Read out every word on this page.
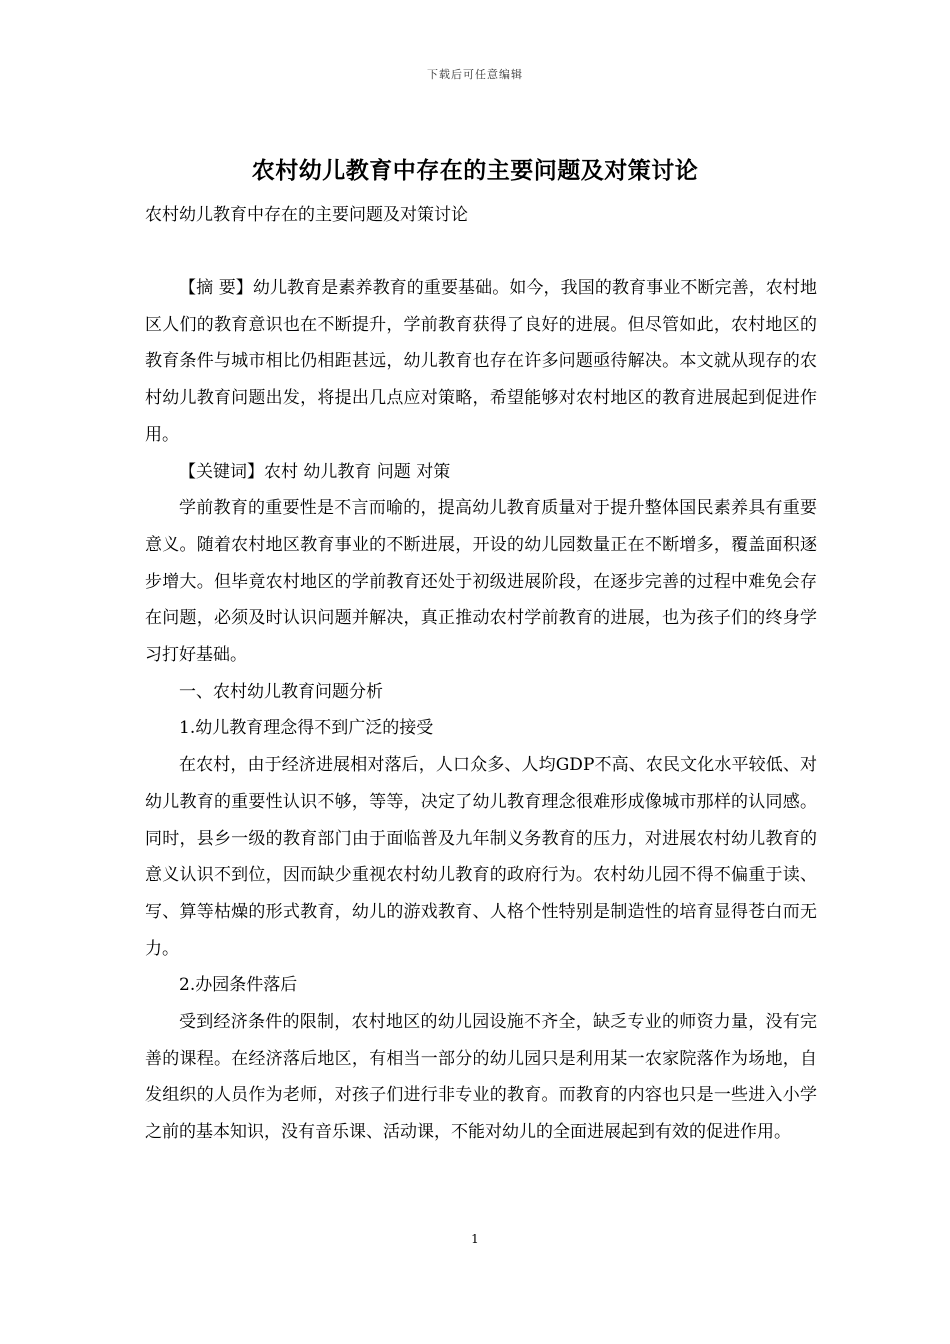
下载后可任意编辑
农村幼儿教育中存在的主要问题及对策讨论
农村幼儿教育中存在的主要问题及对策讨论

【摘 要】幼儿教育是素养教育的重要基础。如今，我国的教育事业不断完善，农村地区人们的教育意识也在不断提升，学前教育获得了良好的进展。但尽管如此，农村地区的教育条件与城市相比仍相距甚远，幼儿教育也存在许多问题亟待解决。本文就从现存的农村幼儿教育问题出发，将提出几点应对策略，希望能够对农村地区的教育进展起到促进作用。

【关键词】农村 幼儿教育 问题 对策

学前教育的重要性是不言而喻的，提高幼儿教育质量对于提升整体国民素养具有重要意义。随着农村地区教育事业的不断进展，开设的幼儿园数量正在不断增多，覆盖面积逐步增大。但毕竟农村地区的学前教育还处于初级进展阶段，在逐步完善的过程中难免会存在问题，必须及时认识问题并解决，真正推动农村学前教育的进展，也为孩子们的终身学习打好基础。

一、农村幼儿教育问题分析

1.幼儿教育理念得不到广泛的接受

在农村，由于经济进展相对落后，人口众多、人均GDP不高、农民文化水平较低、对幼儿教育的重要性认识不够，等等，决定了幼儿教育理念很难形成像城市那样的认同感。同时，县乡一级的教育部门由于面临普及九年制义务教育的压力，对进展农村幼儿教育的意义认识不到位，因而缺少重视农村幼儿教育的政府行为。农村幼儿园不得不偏重于读、写、算等枯燥的形式教育，幼儿的游戏教育、人格个性特别是制造性的培育显得苍白而无力。

2.办园条件落后

受到经济条件的限制，农村地区的幼儿园设施不齐全，缺乏专业的师资力量，没有完善的课程。在经济落后地区，有相当一部分的幼儿园只是利用某一农家院落作为场地，自发组织的人员作为老师，对孩子们进行非专业的教育。而教育的内容也只是一些进入小学之前的基本知识，没有音乐课、活动课，不能对幼儿的全面进展起到有效的促进作用。

1
